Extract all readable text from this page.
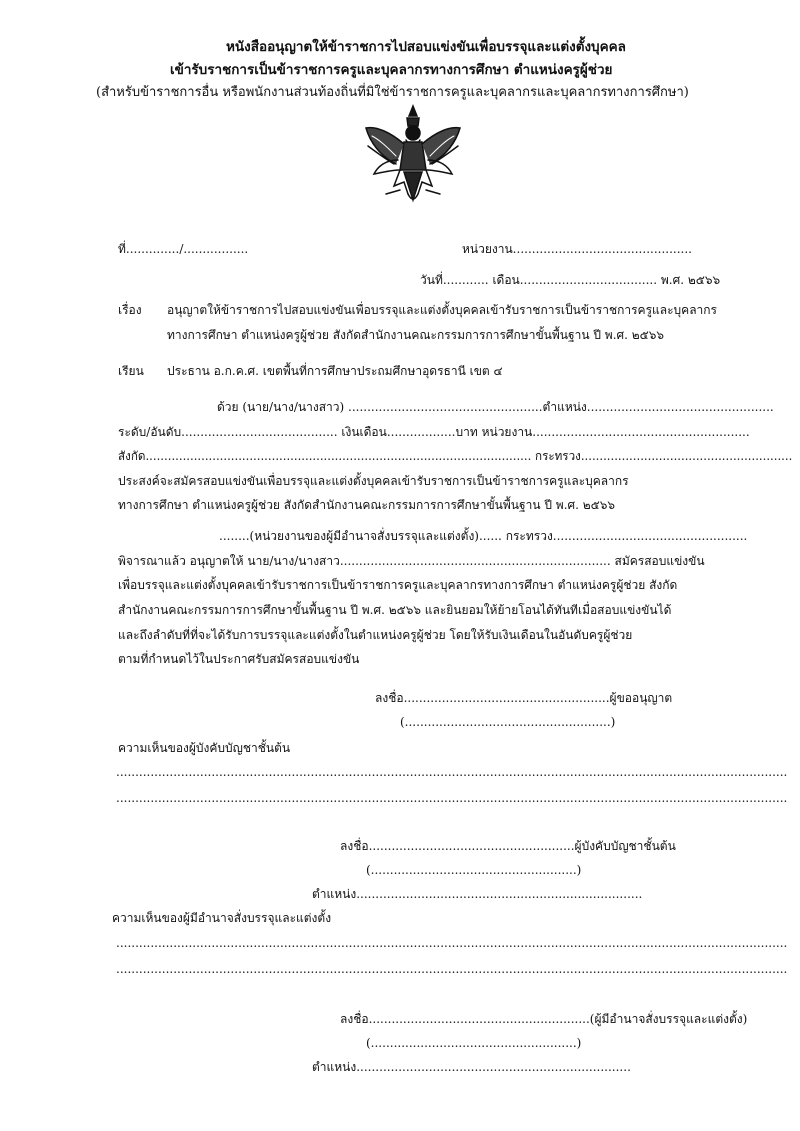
หนังสืออนุญาตให้ข้าราชการไปสอบแข่งขันเพื่อบรรจุและแต่งตั้งบุคคล
เข้ารับราชการเป็นข้าราชการครูและบุคลากรทางการศึกษา ตำแหน่งครูผู้ช่วย
(สำหรับข้าราชการอื่น หรือพนักงานส่วนท้องถิ่นที่มิใช่ข้าราชการครูและบุคลากรและบุคลากรทางการศึกษา)
ที่............../.................	หน่วยงาน...............................................
วันที่............ เดือน.................................... พ.ศ. ๒๕๖๖
เรื่อง อนุญาตให้ข้าราชการไปสอบแข่งขันเพื่อบรรจุและแต่งตั้งบุคคลเข้ารับราชการเป็นข้าราชการครูและบุคลากร
ทางการศึกษา ตำแหน่งครูผู้ช่วย สังกัดสำนักงานคณะกรรมการการศึกษาขั้นพื้นฐาน ปี พ.ศ. ๒๕๖๖
เรียน ประธาน อ.ก.ค.ศ. เขตพื้นที่การศึกษาประถมศึกษาอุดรธานี เขต ๔
ด้วย (นาย/นาง/นางสาว) ...................................................ตำแหน่ง.................................................
ระดับ/อันดับ......................................... เงินเดือน..................บาท หน่วยงาน.........................................................
สังกัด........................................................................................................ กระทรวง.........................................................
ประสงค์จะสมัครสอบแข่งขันเพื่อบรรจุและแต่งตั้งบุคคลเข้ารับราชการเป็นข้าราชการครูและบุคลากร
ทางการศึกษา ตำแหน่งครูผู้ช่วย สังกัดสำนักงานคณะกรรมการการศึกษาขั้นพื้นฐาน ปี พ.ศ. ๒๕๖๖
........(หน่วยงานของผู้มีอำนาจสั่งบรรจุและแต่งตั้ง)...... กระทรวง...................................................
พิจารณาแล้ว อนุญาตให้ นาย/นาง/นางสาว....................................................................... สมัครสอบแข่งขัน
เพื่อบรรจุและแต่งตั้งบุคคลเข้ารับราชการเป็นข้าราชการครูและบุคลากรทางการศึกษา ตำแหน่งครูผู้ช่วย สังกัด
สำนักงานคณะกรรมการการศึกษาขั้นพื้นฐาน ปี พ.ศ. ๒๕๖๖ และยินยอมให้ย้ายโอนได้ทันทีเมื่อสอบแข่งขันได้
และถึงลำดับที่ที่จะได้รับการบรรจุและแต่งตั้งในตำแหน่งครูผู้ช่วย โดยให้รับเงินเดือนในอันดับครูผู้ช่วย
ตามที่กำหนดไว้ในประกาศรับสมัครสอบแข่งขัน
ลงชื่อ......................................................ผู้ขออนุญาต
(......................................................)
ความเห็นของผู้บังคับบัญชาชั้นต้น
................................................................................................................................................................................
................................................................................................................................................................................
ลงชื่อ......................................................ผู้บังคับบัญชาชั้นต้น
(......................................................)
ตำแหน่ง...........................................................................
ความเห็นของผู้มีอำนาจสั่งบรรจุและแต่งตั้ง
................................................................................................................................................................................
................................................................................................................................................................................
ลงชื่อ..........................................................(ผู้มีอำนาจสั่งบรรจุและแต่งตั้ง)
(......................................................)
ตำแหน่ง........................................................................
